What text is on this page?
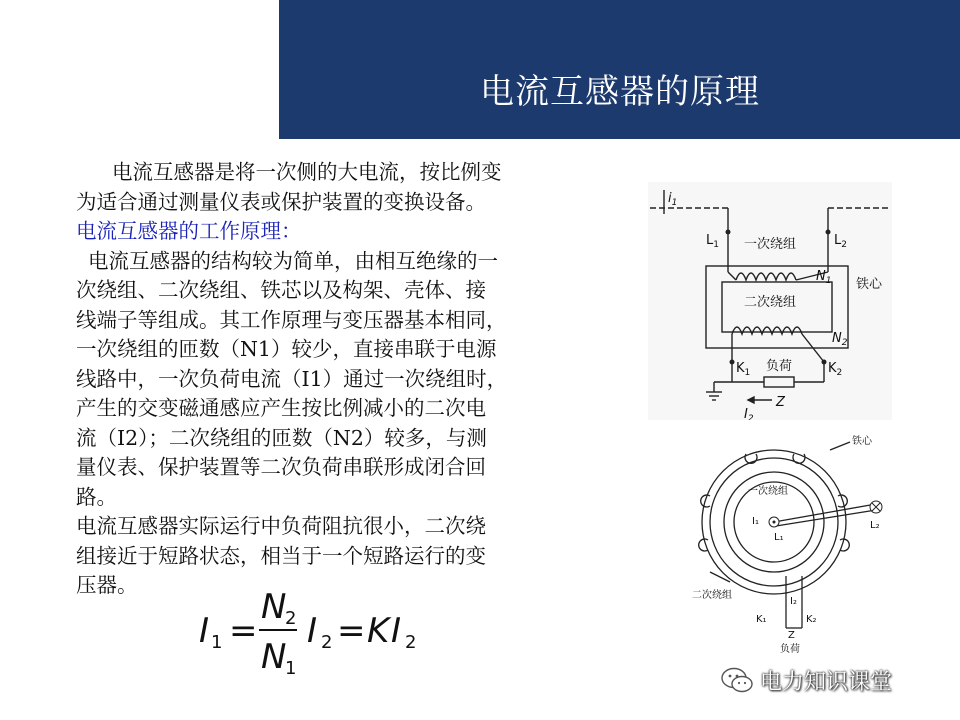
电流互感器的原理
电流互感器是将一次侧的大电流，按比例变
为适合通过测量仪表或保护装置的变换设备。
电流互感器的工作原理：
电流互感器的结构较为简单，由相互绝缘的一
次绕组、二次绕组、铁芯以及构架、壳体、接
线端子等组成。其工作原理与变压器基本相同，
一次绕组的匝数（N1）较少，直接串联于电源
线路中，一次负荷电流（I1）通过一次绕组时，
产生的交变磁通感应产生按比例减小的二次电
流（I2）；二次绕组的匝数（N2）较多，与测
量仪表、保护装置等二次负荷串联形成闭合回
路。
电流互感器实际运行中负荷阻抗很小，二次绕
组接近于短路状态，相当于一个短路运行的变
压器。
I 1 =
N
2
N
1
I 2 = K I 2
$i_1$
$L_1$	$L_2$
一次绕组
二次绕组
铁心
$N_1$
$N_2$
$K_1$	$K_2$
负荷
Z
$I_2$
铁心
一次绕组
I₁
L₁
L₂
二次绕组
I₂
K₁	K₂
Z
负荷
电力知识课堂
